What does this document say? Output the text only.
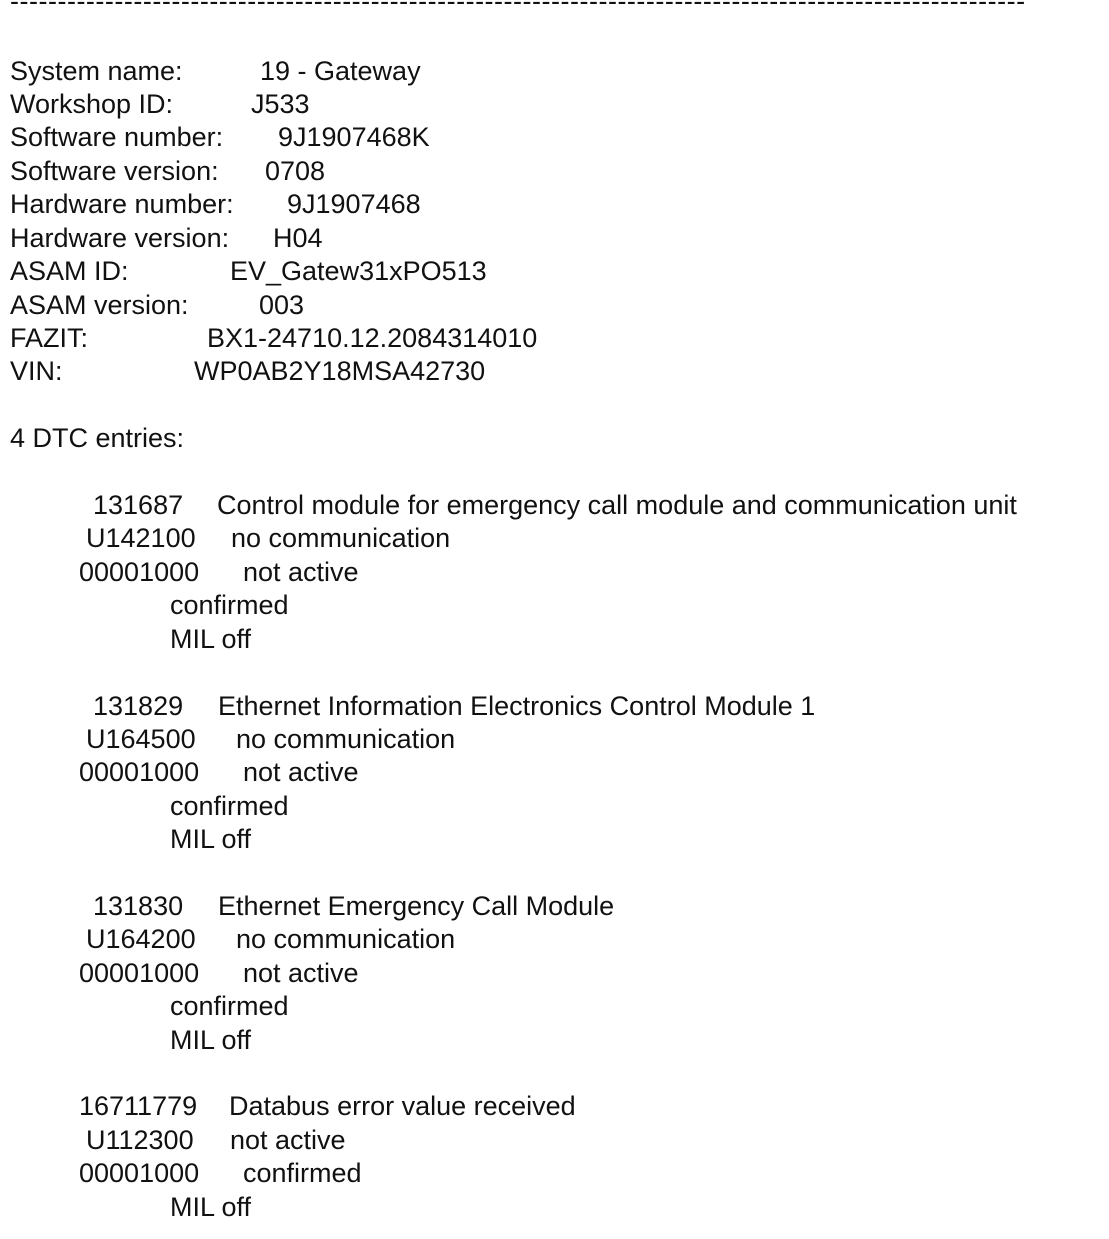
-----------------------------------------------------------------------------------------------------------
System name:	19 - Gateway
Workshop ID:	J533
Software number: 9J1907468K
Software version: 0708
Hardware number: 9J1907468
Hardware version: H04
ASAM ID:	EV_Gatew31xPO513
ASAM version:	003
FAZIT:	BX1-24710.12.2084314010
VIN:	WP0AB2Y18MSA42730
4 DTC entries:
131687 Control module for emergency call module and communication unit
U142100 no communication
00001000 not active
confirmed
MIL off
131829 Ethernet Information Electronics Control Module 1
U164500 no communication
00001000 not active
confirmed
MIL off
131830 Ethernet Emergency Call Module
U164200 no communication
00001000 not active
confirmed
MIL off
16711779 Databus error value received
U112300 not active
00001000 confirmed
MIL off
